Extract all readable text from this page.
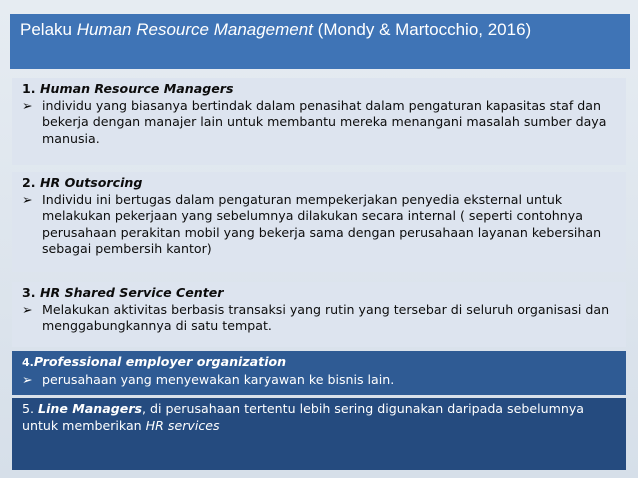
Pelaku Human Resource Management (Mondy & Martocchio, 2016)
1. Human Resource Managers
➢ individu yang biasanya bertindak dalam penasihat dalam pengaturan kapasitas staf dan bekerja dengan manajer lain untuk membantu mereka menangani masalah sumber daya manusia.
2. HR Outsorcing
➢ Individu ini bertugas dalam pengaturan mempekerjakan penyedia eksternal untuk melakukan pekerjaan yang sebelumnya dilakukan secara internal ( seperti contohnya perusahaan perakitan mobil yang bekerja sama dengan perusahaan layanan kebersihan sebagai pembersih kantor)
3. HR Shared Service Center
➢ Melakukan aktivitas berbasis transaksi yang rutin yang tersebar di seluruh organisasi dan menggabungkannya di satu tempat.
4.Professional employer organization
➢ perusahaan yang menyewakan karyawan ke bisnis lain.
5. Line Managers, di perusahaan tertentu lebih sering digunakan daripada sebelumnya untuk memberikan HR services
